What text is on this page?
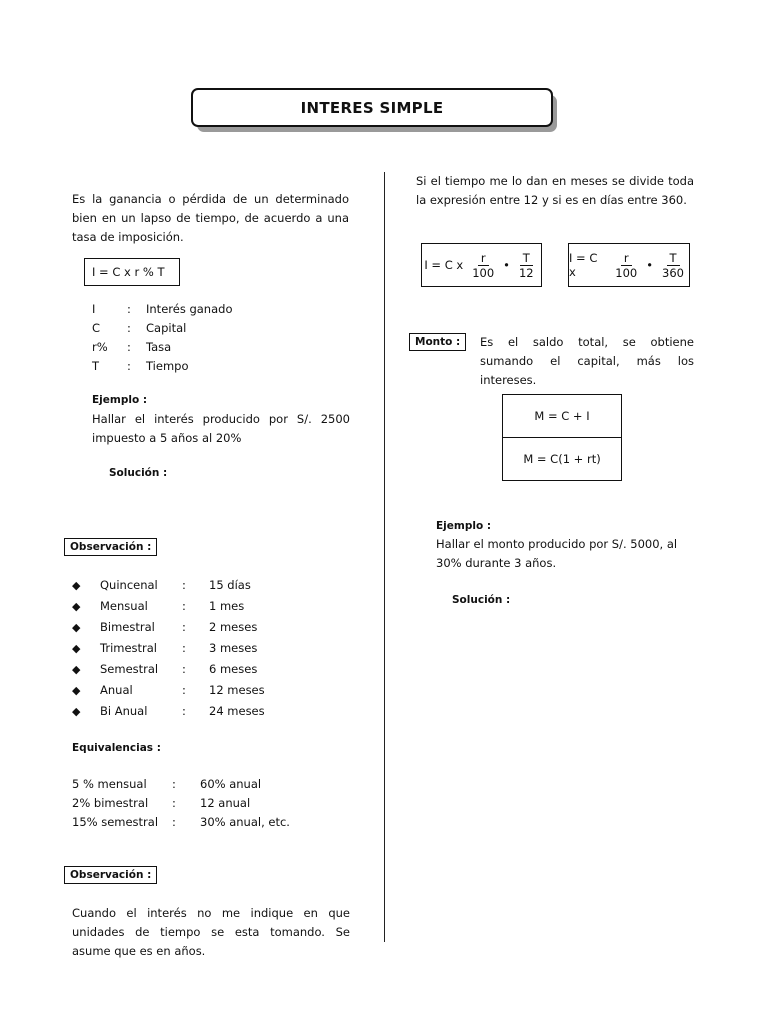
INTERES SIMPLE
Es la ganancia o pérdida de un determinado bien en un lapso de tiempo, de acuerdo a una tasa de imposición.
I = C x r % T
I	:	Interés ganado
C	:	Capital
r%	:	Tasa
T	:	Tiempo
Ejemplo :
Hallar el interés producido por S/. 2500 impuesto a 5 años al 20%
Solución :
Observación :
◆	Quincenal	:	15 días
◆	Mensual	:	1 mes
◆	Bimestral	:	2 meses
◆	Trimestral	:	3 meses
◆	Semestral	:	6 meses
◆	Anual	:	12 meses
◆	Bi Anual	:	24 meses
Equivalencias :
5 % mensual	:	60% anual
2% bimestral	:	12 anual
15% semestral	:	30% anual, etc.
Observación :
Cuando el interés no me indique en que unidades de tiempo se esta tomando. Se asume que es en años.
Si el tiempo me lo dan en meses se divide toda la expresión entre 12 y si es en días entre 360.
I = C x $\frac{r}{100}$ • $\frac{T}{12}$	I = C x	$\frac{r}{100}$ • $\frac{T}{360}$
Monto :	Es el saldo total, se obtiene sumando el capital, más los intereses.
M = C + I
M = C(1 + rt)
Ejemplo :
Hallar el monto producido por S/. 5000, al 30% durante 3 años.
Solución :
